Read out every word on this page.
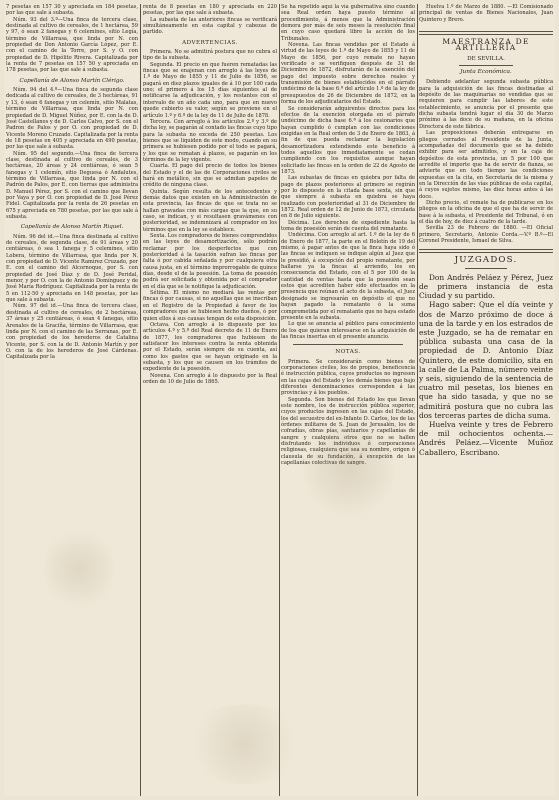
7 pesetas en 157 30 y apreciada en 184 pesetas, por las que sale á subasta.

Núm. 93 del 3.º—Una finca de tercera clase, destinada al cultivo de cereales, de 1 hectárea, 59 y 97, ó sean 2 fanegas y 6 celemines, sitio Legía, término de Villarrasa, que linda por N. con propiedad de Don Antonio García López, por E. con el camino de la Torre, por S. y O. con propiedad de D. Hipólito Rivera. Capitalizada por la renta de 7 pesetas en 157 50 y apreciada en 178 pesetas, por las que sale á subasta.

Capellanía de Alonso Martín Clérigo.

Núm. 94 del 4.º—Una finca de segunda clase dedicada al cultivo de cereales, de 3 hectáreas, 91 y 13, ó sean 6 fanegas y un celemín, sitio Malatas, término de Villarrasa, que linda por N. con propiedad de D. Miguel Núñez, por E. con la de D. José Castellanos y de D. Carlos Calvo, por S. con el Padron de Palos y por O. con propiedad de D. Vicente Moreno Cruzado. Capitalizada por la renta de 18 pesetas en 405 y apreciada en 490 pesetas, por las que sale á subasta.

Núm. 95 del segundo.—Una finca de tercera clase, destinada al cultivo de cereales, de 3 hectáreas, 20 áreas y 24 centiáreas, ó sean 5 fanegas y 1 celemín, sitio Deguesa ó Andalutes, término de Villarrasa, que linda por N. con el Padrón de Palos, por E. con tierras que administra D. Manuel Pérez, por S. con el camino que llevan por Vaya y por O. con propiedad de D. José Pérez Fidel. Capitalizada por la renta de 26 pesetas en 675 y apreciada en 780 pesetas, por las que sale á subasta.

Capellanía de Alonso Martín Riquel.

Núm. 96 del id.—Una finca destinada al cultivo de cereales, de segunda clase, de 91 áreas y 20 centiáreas, ó sea 1 fanega y 5 celemines, sitio Lobera, término de Villarrasa, que linda por N. con propiedad de D. Vicente Ramírez Cruzado, por E. con el camino del Alcornoque, por S. con propiedad de José Díaz y de D. José Peridal, menor, y por O. con la de Antonio Domínguez y de José María Rodríguez. Capitalizada por la renta de 5 en 112·50 y apreciada en 148 pesetas, por las que sale á subasta.

Núm. 97 del id.—Una finca de tercera clase, destinada al cultivo de cereales, de 2 hectáreas, 37 áreas y 25 centiáreas, ó sean 4 fanegas, sitio Arenales de la Graciña, término de Villarrasa, que linda por N. con el camino de las Serranas, por E. con propiedad de los herederos de Catalina Vicente, por S. con la de D. Antonio Martín y por O. con la de los herederos de José Cárdenas. Capitalizada por la

renta de 8 pesetas en 180 y apreciada en 220 pesetas, por las que sale á subasta.

La subasta de las anteriores fincas se verificará simultáneamente en esta capital y cabezas de partido.

ADVERTENCIAS.

Primera. No se admitirá postura que no cubra el tipo de la subasta.

Segunda. El precio en que fueren rematadas las fincas que se enajenan con arreglo á las leyes de 1.º de Mayo de 1855 y 11 de Julio de 1856, se pagará en diez plazos iguales de á 10 por 100 cada uno; el primero á los 15 días siguientes al de notificarse la adjudicación, y los restantes con el intervalo de un año cada uno, para que en nuevo quede cubierto su valor, según se previene en el artículo 1.º y 6.º de la ley de 11 de Julio de 1878.

Tercera. Con arreglo á los artículos 2.º y 3.º de dicha ley, se pagarán al contado las fincas cuyo tipo para la subasta no exceda de 250 pesetas. Los bienes que se liquiden de este modo, cuando en su primera se hubiesen podido por el todo se pagará, y los que se rematan á plazos, se pagarán en los términos de la ley vigente.

Cuarta. El pago del precio de todos los bienes del Estado y el de las de Corporaciones civiles se hará en metálico, sin que se admitan papeles de crédito de ninguna clase.

Quinta. Según resulta de los antecedentes y demás datos que existen en la Administración de esta provincia, las fincas de que se trata no se hallan gravadas con más cargas que la que, en su caso, se indican, y si resultasen gravámenes con posterioridad, se indemnizará al comprador en los términos que en la ley se establece.

Sexta. Los compradores de bienes comprendidos en las leyes de desamortización, sólo podrán reclamar por los desperfectos que con posterioridad á la tasación sufran las fincas por falta ó por cabida señalada y por cualquiera otra causa justa, en el término improrrogable de quince días, desde el de la posesión. La toma de posesión podrá ser solicitada y obtenida por el comprador en el día que se le notifique la adjudicación.

Sétima. El mismo no mediará las rentas por fincas ó por causas, si no aquellas que se inscriban en el Registro de la Propiedad á favor de los compradores que se hubiesen hecho dueños, ó por quien ellos á sus causas tengan de esta disposición.

Octava. Con arreglo á lo dispuesto por los artículos 4.º y 5.º del Real decreto de 11 de Enero de 1877, los compradores que hubiesen de satisfacer los intereses contra la renta obtenida por el Estado, serán siempre de su cuenta, así como los gastos que se hayan originado en la subasta, y los que se causen en los trámites de expediente de la posesión.

Novena. Con arreglo á lo dispuesto por la Real orden de 10 de Julio de 1865.

Se ha repetido aquí la vía gubernativa sino cuando sea Real orden haya puesto término al procedimiento, á menos que la Administración demora por más de seis meses la resolución final en cuyo caso quedará libre la acción de los Tribunales.

Novena. Las fincas vendidas por el Estado á virtud de las leyes de 1.º de Mayo de 1855 y 11 de Mayo de 1856, por cuyo remate no hayan verificado o se verifiquen después de 31 de Diciembre de 1872, disfrutarán de la exención del pago del impuesto sobre derechos reales y transmisión de bienes establecidos en el párrafo undécimo de la base 6.ª del artículo 1.º de la ley de presupuestos de 26 de Diciembre de 1872, en la forma de los adjudicatarios del Estado.

Se considerarán adquirentes directos para los efectos de la exención otorgada en el párrafo undécimo de dicha base 6.ª á los cesionarios que hayan cumplido ó cumplan con las condiciones exigidas en la Real orden de 3 de Enero de 1863, á fin de que pueda reclamar la legislación desamortizadora extendiendo este beneficio á todos aquellos que inmediatamente se cedan cumpliendo con los requisitos aunque hayan solicitado las fincas en la orden de 22 de Agosto de 1873.

Las subastas de fincas en quiebra por falta de pago de plazos posteriores al primero se regirán por lo dispuesto en la citada base sexta, sin que que siempre á subasta en quiebra se haya realizado con posterioridad al 31 de Diciembre de 1872. Real orden de 12 de Junio de 1873, circulada en 8 de Julio siguiente.

Décima. Los derechos de expediente hasta la toma de posesión serán de cuenta del rematante.

Undécima. Con arreglo al art. 1.º de la ley de 6 de Enero de 1877, la parte en el Boletín de 19 del mismo, á pagar antes de que la finca haya sido ó las fincas se indiquen se indique algún al Juez que le presidió, á excepción del propio rematante, por hallarse ya la fincas al arriendo, los en consecuencia del Estado, con el 5 por 100 de la cantidad de ventas hasta que la posesión sean estos que acrediten haber sido efectuados en la presencia que reúnan el acto de la subasta, el Juez designado se ingresarán en depósito el que no hayan pagado la rematante ó la suma comprometida por el rematante que no haya estado presente en la subasta.

Lo que se anuncia al público para conocimiento de los que quieran interesarse en la adquisición de las fincas insertas en el presente anuncio.

NOTAS.

Primera. Se considerarán como bienes de corporaciones civiles, los de propios, beneficencia é instrucción pública, cuyos productos no ingresen en las cajas del Estado y los demás bienes que bajo diferentes denominaciones corresponden á las provincias y á los pueblos.

Segunda. Son bienes del Estado los que llevan este nombre, los de instrucción pública superior, cuyos productos ingresen en las cajas del Estado, los del secuestro del ex-Infante D. Carlos, los de las órdenes militares de S. Juan de Jerusalén, los de cofradías, obras pías, santuarios y capellanías de sangre y cualquiera otros que no se hallen disfrutando los individuos ó corporaciones religiosas, cualquiera que sea su nombre, origen ó clausula de su fundación, á excepción de las capellanías colectivas de sangre.

Huelva 1.º de Marzo de 1880. —El Comisionado principal de ventas de Bienes Nacionales, Juan Quintero y Brero.

MAESTRANZA DE ARTILLERÍA

DE SEVILLA.

Junta Económica.

Debiendo adelantar segunda subasta pública para la adquisición de las fincas destinadas al depósito de las maquinarias no vendidas que se requieren para cumplir las labores de este establecimiento, se anuncia por el presente que dicha subasta tendrá lugar el día 30 de Marzo próximo á las doce de su mañana, en la oficina Directora de este fábrica.

Las proposiciones deberán entregarse en pliegos cerrados al Presidente de la Junta, acompañadas del documento que se ha debido exhibir para ser admitidos, y en la caja de depósitos de esta provincia, un 5 por 100 que acredite el importe que ha de servir de fianza, se advierte que en todo tiempo las condiciones expuestas en la cita, en Secretaría de la misma y en la Dirección de las vías públicas de esta capital, á cuyos sujetos mismo, las diez horas antes á las doce.

Dicho precio, el remate ha de publicarse en los pliegos en la oficina de que el que ha de servir de base á la subasta, el Presidente del Tribunal, ó en el día de hoy, de diez á cuatro de la tarde.

Sevilla 23 de Febrero de 1880. —El Oficial primero, Secretario, Antonio Corda.—V.º B.º—El Coronel Presidente, Ismael de Silva.

JUZGADOS.

Don Andrés Peláez y Pérez, Juez de primera instancia de esta Ciudad y su partido.

Hago saber: Que el día veinte y dos de Marzo próximo de doce á una de la tarde y en los estrados de este Juzgado, se ha de rematar en pública subasta una casa de la propiedad de D. Antonio Díaz Quintero, de este domicilio, sita en la calle de La Palma, número veinte y seis, siguiendo de la sentencia de cuatro mil pesetas, los bienes en que ha sido tasada, y que no se admitirá postura que no cubra las dos terceras partes de dicha suma.

Huelva veinte y tres de Febrero de mil ochocientos ochenta.—Andrés Peláez.—Vicente Muñoz Caballero, Escribano.
